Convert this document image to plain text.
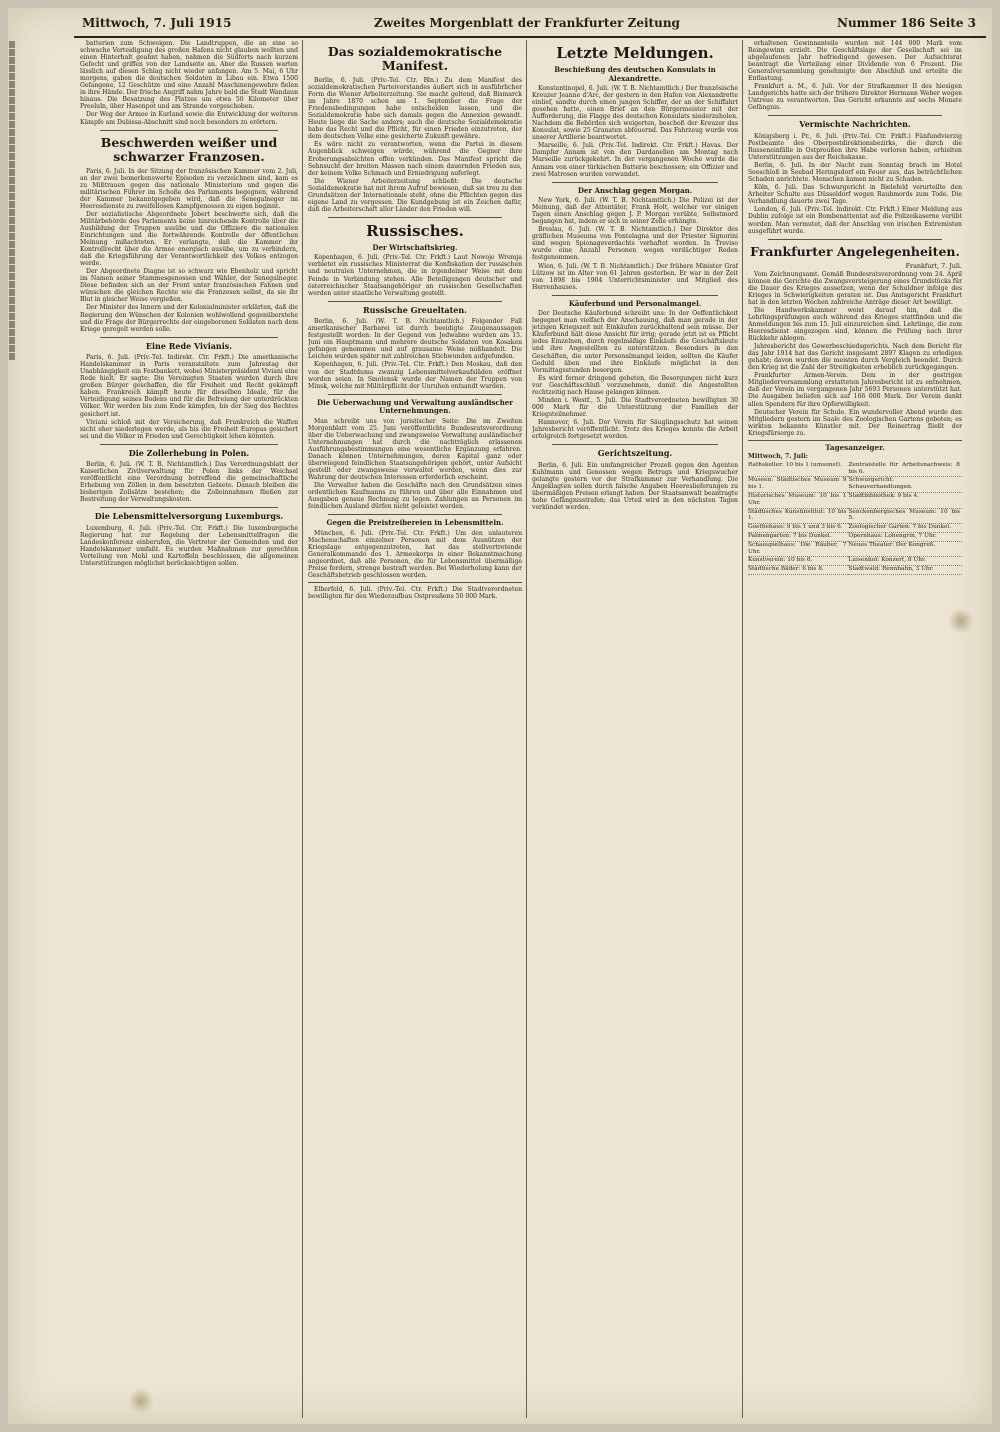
Mittwoch, 7. Juli 1915	Zweites Morgenblatt der Frankfurter Zeitung	Nummer 186 Seite 3

batterien zum Schweigen. Die Landtruppen, die an eine so schwache Verteidigung des großen Hafens nicht glauben wollten und einen Hinterhalt geahnt haben, nahmen die Südforts nach kurzem Gefecht und griffen von der Landseite an. Aber die Russen warten lässlich auf diesen Schlag nicht wieder anfangen. Am 5. Mai, 6 Uhr morgens, gaben die deutschen Soldaten in Libau ein. Etwa 1500 Gefangene, 12 Geschütze und eine Anzahl Maschinengewehre fielen in ihre Hände. Der frische Angriff nahm Jahre bald die Stadt Wandaun hinaus. Die Besatzung des Platzes um etwa 50 Kilometer über Preeluln, über Hasenpot und am Strande vorgeschoben.

Der Weg der Armee in Kurland sowie die Entwicklung der weiteren Kämpfe am Dubissa-Abschnitt sind noch besonders zu erörtern.

Beschwerden weißer und schwarzer Franzosen.

Paris, 6. Juli. In der Sitzung der französischen Kammer vom 2. Juli, an der zwei bemerkenswerte Episoden zu verzeichnen sind, kam es zu Mißtrauen gegen das nationale Ministerium und gegen die militärischen Führer im Schoße des Parlaments begegnen, während der Kammer bekanntgegeben wird, daß die Senegalneger im Heeresdienste zu zweifellosen Kampfgenossen zu eigen beginnt.

Der sozialistische Abgeordnete Jobert beschwerte sich, daß die Militärbehörde des Parlaments keine hinreichende Kontrolle über die Ausbildung der Truppen ausübe und die Offiziere die nationalen Einrichtungen und die fortwährende Kontrolle der öffentlichen Meinung mißachteten. Er verlangte, daß die Kammer ihr Kontrollrecht über die Armee energisch ausübe, um zu verhindern, daß die Kriegsführung der Verantwortlichkeit des Volkes entzogen werde.

Der Abgeordnete Diagne ist so schwarz wie Ebenholz und spricht im Namen seiner Stammesgenossen und Wähler, der Senegalneger. Diese befinden sich an der Front unter französischen Fahnen und wünschen die gleichen Rechte wie die Franzosen selbst, da sie ihr Blut in gleicher Weise vergießen.

Der Minister des Innern und der Kolonialminister erklärten, daß die Regierung den Wünschen der Kolonien wohlwollend gegenüberstehe und die Frage der Bürgerrechte der eingeborenen Soldaten nach dem Kriege geregelt werden solle.

Eine Rede Vivianis.

Paris, 6. Juli. (Priv.-Tel. Indirekt. Ctr. Frkft.) Die amerikanische Handelskammer in Paris veranstaltete zum Jahrestag der Unabhängigkeit ein Festbankett, wobei Ministerpräsident Viviani eine Rede hielt. Er sagte: Die Vereinigten Staaten wurden durch ihre großen Bürger geschaffen, die für Freiheit und Recht gekämpft haben. Frankreich kämpft heute für dieselben Ideale, für die Verteidigung seines Bodens und für die Befreiung der unterdrückten Völker. Wir werden bis zum Ende kämpfen, bis der Sieg des Rechtes gesichert ist.

Viviani schloß mit der Versicherung, daß Frankreich die Waffen nicht eher niederlegen werde, als bis die Freiheit Europas gesichert sei und die Völker in Frieden und Gerechtigkeit leben könnten.

Die Zollerhebung in Polen.

Berlin, 6. Juli. (W. T. B. Nichtamtlich.) Das Verordnungsblatt der Kaiserlichen Zivilverwaltung für Polen links der Weichsel veröffentlicht eine Verordnung betreffend die gemeinschaftliche Erhebung von Zöllen in dem besetzten Gebiete. Danach bleiben die bisherigen Zollsätze bestehen; die Zolleinnahmen fließen zur Bestreitung der Verwaltungskosten.

Die Lebensmittelversorgung Luxemburgs.

Luxemburg, 6. Juli. (Priv.-Tel. Ctr. Frkft.) Die luxemburgische Regierung hat zur Regelung der Lebensmittelfragen die Landeskonferenz einberufen, die Vertreter der Gemeinden und der Handelskammer umfaßt. Es wurden Maßnahmen zur gerechten Verteilung von Mehl und Kartoffeln beschlossen, die allgemeinen Unterstützungen möglichst berücksichtigen sollen.

Das sozialdemokratische Manifest.

Berlin, 6. Juli. (Priv.-Tel. Ctr. Bln.) Zu dem Manifest des sozialdemokratischen Parteivorstandes äußert sich in ausführlicher Form die Wiener Arbeiterzeitung. Sie macht geltend, daß Bismarck im Jahre 1870 schon am 1. September die Frage der Friedensbedingungen habe entscheiden lassen, und die Sozialdemokratie habe sich damals gegen die Annexion gewandt. Heute liege die Sache anders; auch die deutsche Sozialdemokratie habe das Recht und die Pflicht, für einen Frieden einzutreten, der dem deutschen Volke eine gesicherte Zukunft gewähre.

Es wäre nicht zu verantworten, wenn die Partei in diesem Augenblick schweigen würde, während die Gegner ihre Eroberungsabsichten offen verkünden. Das Manifest spricht die Sehnsucht der breiten Massen nach einem dauernden Frieden aus, der keinem Volke Schmach und Erniedrigung auferlegt.

Die Wiener Arbeiterzeitung schließt: Die deutsche Sozialdemokratie hat mit ihrem Aufruf bewiesen, daß sie treu zu den Grundsätzen der Internationale steht, ohne die Pflichten gegen das eigene Land zu vergessen. Die Kundgebung ist ein Zeichen dafür, daß die Arbeiterschaft aller Länder den Frieden will.

Russisches.
Der Wirtschaftskrieg.

Kopenhagen, 6. Juli. (Priv.-Tel. Ctr. Frkft.) Laut Nowoje Wremja verbietet ein russisches Ministerrat die Konfiskation der russischen und neutralen Unternehmen, die in irgendeiner Weise mit dem Feinde in Verbindung stehen. Alle Beteiligungen deutscher und österreichischer Staatsangehöriger an russischen Gesellschaften werden unter staatliche Verwaltung gestellt.

Russische Greueltaten.

Berlin, 6. Juli. (W. T. B. Nichtamtlich.) Folgender Fall amerikanischer Barbarei ist durch beeidigte Zeugenaussagen festgestellt worden: In der Gegend von Jedwabne wurden am 15. Juni ein Hauptmann und mehrere deutsche Soldaten von Kosaken gefangen genommen und auf grausame Weise mißhandelt. Die Leichen wurden später mit zahlreichen Stichwunden aufgefunden.

Kopenhagen, 6. Juli. (Priv.-Tel. Ctr. Frkft.) Den Moskau, daß den von der Stadtduma zwanzig Lebensmittelverkaufsläden eröffnet worden seien. In Smolensk wurde der Namen der Truppen von Minsk, welche mit Militärpflicht der Unruhen entsandt wurden.

Die Ueberwachung und Verwaltung ausländischer Unternehmungen.

Man schreibt uns von juristischer Seite: Die im Zweiten Morgenblatt vom 25. Juni veröffentlichte Bundesratsverordnung über die Ueberwachung und zwangsweise Verwaltung ausländischer Unternehmungen hat durch die nachträglich erlassenen Ausführungsbestimmungen eine wesentliche Ergänzung erfahren. Danach können Unternehmungen, deren Kapital ganz oder überwiegend feindlichen Staatsangehörigen gehört, unter Aufsicht gestellt oder zwangsweise verwaltet werden, wenn dies zur Wahrung der deutschen Interessen erforderlich erscheint.

Die Verwalter haben die Geschäfte nach den Grundsätzen eines ordentlichen Kaufmanns zu führen und über alle Einnahmen und Ausgaben genaue Rechnung zu legen. Zahlungen an Personen im feindlichen Ausland dürfen nicht geleistet werden.

Gegen die Preistreibereien in Lebensmitteln.

München, 6. Juli. (Priv.-Tel. Ctr. Frkft.) Um den unlauteren Machenschaften einzelner Personen mit dem Ausnützen der Kriegslage entgegenzutreten, hat das stellvertretende Generalkommando des 1. Armeekorps in einer Bekanntmachung angeordnet, daß alle Personen, die für Lebensmittel übermäßige Preise fordern, strenge bestraft werden. Bei Wiederholung kann der Geschäftsbetrieb geschlossen werden.

Elberfeld, 6. Juli. (Priv.-Tel. Ctr. Frkft.) Die Stadtverordneten bewilligten für den Wiederaufbau Ostpreußens 50 000 Mark.

Letzte Meldungen.
Beschießung des deutschen Konsulats in Alexandrette.

Konstantinopel, 6. Juli. (W. T. B. Nichtamtlich.) Der französische Kreuzer Jeanne d'Arc, der gestern in den Hafen von Alexandrette einlief, sandte durch einen jungen Schiffer, der an der Schiffahrt gesehen hatte, einen Brief an den Bürgermeister mit der Aufforderung, die Flagge des deutschen Konsulats niederzuholen. Nachdem die Behörden sich weigerten, beschoß der Kreuzer das Konsulat, sowie 25 Granaten abfeuernd. Das Fahrzeug wurde von unserer Artillerie beantwortet.

Marseille, 6. Juli. (Priv.-Tel. Indirekt. Ctr. Frkft.) Havas. Der Dampfer Annam ist von den Dardanellen am Montag nach Marseille zurückgekehrt. In der vergangenen Woche wurde die Annam von einer türkischen Batterie beschossen; ein Offizier und zwei Matrosen wurden verwundet.

Der Anschlag gegen Morgan.

New York, 6. Juli. (W. T. B. Nichtamtlich.) Die Polizei ist der Meinung, daß der Attentäter, Frank Holt, welcher vor einigen Tagen einen Anschlag gegen J. P. Morgan verübte, Selbstmord begangen hat, indem er sich in seiner Zelle erhängte.

Breslau, 6. Juli. (W. T. B. Nichtamtlich.) Der Direktor des gräflichen Museums von Pontelagna und der Priester Signorini sind wegen Spionageverdachts verhaftet worden. In Treviso wurde eine Anzahl Personen wegen verdächtiger Reden festgenommen.

Wien, 6. Juli. (W. T. B. Nichtamtlich.) Der frühere Minister Graf Lützow ist im Alter von 61 Jahren gestorben. Er war in der Zeit von 1898 bis 1904 Unterrichtsminister und Mitglied des Herrenhauses.

Käuferbund und Personalmangel.

Der Deutsche Käuferbund schreibt uns: In der Oeffentlichkeit begegnet man vielfach der Anschauung, daß man gerade in der jetzigen Kriegszeit mit Einkäufen zurückhaltend sein müsse. Der Käuferbund hält diese Ansicht für irrig; gerade jetzt ist es Pflicht jedes Einzelnen, durch regelmäßige Einkäufe die Geschäftsleute und ihre Angestellten zu unterstützen. Besonders in den Geschäften, die unter Personalmangel leiden, sollten die Käufer Geduld üben und ihre Einkäufe möglichst in den Vormittagsstunden besorgen.

Es wird ferner dringend gebeten, die Besorgungen nicht kurz vor Geschäftsschluß vorzunehmen, damit die Angestellten rechtzeitig nach Hause gelangen können.

Minden i. Westf., 5. Juli. Die Stadtverordneten bewilligten 30 000 Mark für die Unterstützung der Familien der Kriegsteilnehmer.

Hannover, 6. Juli. Der Verein für Säuglingsschutz hat seinen Jahresbericht veröffentlicht. Trotz des Krieges konnte die Arbeit erfolgreich fortgesetzt werden.

Gerichtszeitung.

Berlin, 6. Juli. Ein umfangreicher Prozeß gegen den Agenten Kuhlmann und Genossen wegen Betrugs und Kriegswucher gelangte gestern vor der Strafkammer zur Verhandlung. Die Angeklagten sollen durch falsche Angaben Heereslieferungen zu übermäßigen Preisen erlangt haben. Der Staatsanwalt beantragte hohe Gefängnisstrafen; das Urteil wird in den nächsten Tagen verkündet werden.

erhaltenen Gewinnanteile wurden mit 144 000 Mark vom Reingewinn erzielt. Die Geschäftslage der Gesellschaft sei im abgelaufenen Jahr befriedigend gewesen. Der Aufsichtsrat beantragt die Verteilung einer Dividende von 6 Prozent. Die Generalversammlung genehmigte den Abschluß und erteilte die Entlastung.

Frankfurt a. M., 6. Juli. Vor der Strafkammer II des hiesigen Landgerichts hatte sich der frühere Direktor Hermann Weber wegen Untreue zu verantworten. Das Gericht erkannte auf sechs Monate Gefängnis.

Vermischte Nachrichten.

Königsberg i. Pr., 6. Juli. (Priv.-Tel. Ctr. Frkft.) Fünfundvierzig Postbeamte des Oberpostdirektionsbezirks, die durch die Russeneinfälle in Ostpreußen ihre Habe verloren haben, erhielten Unterstützungen aus der Reichskasse.

Berlin, 6. Juli. In der Nacht zum Sonntag brach im Hotel Seeschloß in Seebad Heringsdorf ein Feuer aus, das beträchtlichen Schaden anrichtete. Menschen kamen nicht zu Schaden.

Köln, 6. Juli. Das Schwurgericht in Bielefeld verurteilte den Arbeiter Schulte aus Düsseldorf wegen Raubmords zum Tode. Die Verhandlung dauerte zwei Tage.

London, 6. Juli. (Priv.-Tel. Indirekt. Ctr. Frkft.) Einer Meldung aus Dublin zufolge ist ein Bombenattentat auf die Polizeikaserne verübt worden. Man vermutet, daß der Anschlag von irischen Extremisten ausgeführt wurde.

Frankfurter Angelegenheiten.

Frankfurt, 7. Juli.

Vom Zeichnungsamt. Gemäß Bundesratsverordnung vom 24. April können die Gerichte die Zwangsversteigerung eines Grundstücks für die Dauer des Krieges aussetzen, wenn der Schuldner infolge des Krieges in Schwierigkeiten geraten ist. Das Amtsgericht Frankfurt hat in den letzten Wochen zahlreiche Anträge dieser Art bewilligt.

Die Handwerkskammer weist darauf hin, daß die Lehrlingsprüfungen auch während des Krieges stattfinden und die Anmeldungen bis zum 15. Juli einzureichen sind. Lehrlinge, die zum Heeresdienst eingezogen sind, können die Prüfung nach ihrer Rückkehr ablegen.

Jahresbericht des Gewerbeschiedsgerichts. Nach dem Bericht für das Jahr 1914 hat das Gericht insgesamt 2897 Klagen zu erledigen gehabt; davon wurden die meisten durch Vergleich beendet. Durch den Krieg ist die Zahl der Streitigkeiten erheblich zurückgegangen.

Frankfurter Armen-Verein. Dem in der gestrigen Mitgliederversammlung erstatteten Jahresbericht ist zu entnehmen, daß der Verein im vergangenen Jahr 5693 Personen unterstützt hat. Die Ausgaben beliefen sich auf 166 000 Mark. Der Verein dankt allen Spendern für ihre Opferwilligkeit.

Deutscher Verein für Schule. Ein wundervoller Abend wurde den Mitgliedern gestern im Saale des Zoologischen Gartens geboten; es wirkten bekannte Künstler mit. Der Reinertrag fließt der Kriegsfürsorge zu.

Tagesanzeiger.
Mittwoch, 7. Juli:
Rathskeller: 10 bis 1 (umsonst).	Zentralstelle für Arbeitsnachweis: 8 bis 6.
Museen: Städtisches Museum 9 bis 1.	Schwurgericht: Schauverhandlungen.
Historisches Museum: 10 bis 1 Uhr.	Stadtbibliothek: 9 bis 4.
Städtisches Kunstinstitut: 10 bis 1.	Senckenbergisches Museum: 10 bis 5.
Goethehaus: 9 bis 1 und 3 bis 6.	Zoologischer Garten: 7 bis Dunkel.
Palmengarten: 7 bis Dunkel.	Opernhaus: Lohengrin, 7 Uhr.
Schauspielhaus: Die Räuber, 7 Uhr.	Neues Theater: Der Kongreß.
Kunstverein: 10 bis 6.	Luisenhof: Konzert, 8 Uhr.
Städtische Bäder: 6 bis 8.	Stadtwald: Rennbahn, 3 Uhr.
